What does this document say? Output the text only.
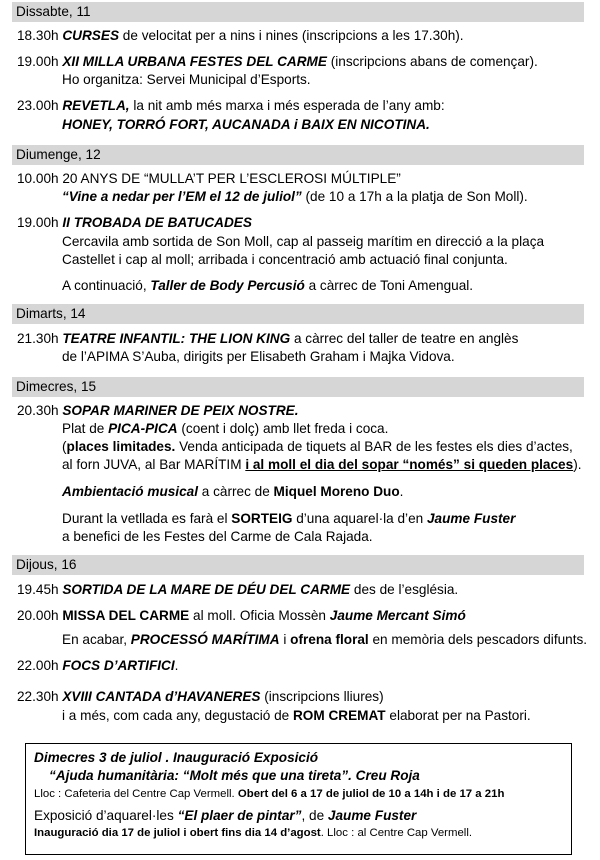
Dissabte, 11
18.30h CURSES de velocitat per a nins i nines (inscripcions a les 17.30h).
19.00h XII MILLA URBANA FESTES DEL CARME (inscripcions abans de començar).
Ho organitza: Servei Municipal d’Esports.
23.00h REVETLA, la nit amb més marxa i més esperada de l’any amb:
HONEY, TORRÓ FORT, AUCANADA i BAIX EN NICOTINA.
Diumenge, 12
10.00h 20 ANYS DE “MULLA’T PER L’ESCLEROSI MÚLTIPLE”
“Vine a nedar per l’EM el 12 de juliol” (de 10 a 17h a la platja de Son Moll).
19.00h II TROBADA DE BATUCADES
Cercavila amb sortida de Son Moll, cap al passeig marítim en direcció a la plaça
Castellet i cap al moll; arribada i concentració amb actuació final conjunta.
A continuació, Taller de Body Percusió a càrrec de Toni Amengual.
Dimarts, 14
21.30h TEATRE INFANTIL: THE LION KING a càrrec del taller de teatre en anglès
de l’APIMA S’Auba, dirigits per Elisabeth Graham i Majka Vidova.
Dimecres, 15
20.30h SOPAR MARINER DE PEIX NOSTRE.
Plat de PICA-PICA (coent i dolç) amb llet freda i coca.
(places limitades. Venda anticipada de tiquets al BAR de les festes els dies d’actes,
al forn JUVA, al Bar MARÍTIM i al moll el dia del sopar “només” si queden places).
Ambientació musical a càrrec de Miquel Moreno Duo.
Durant la vetllada es farà el SORTEIG d’una aquarel·la d’en Jaume Fuster
a benefici de les Festes del Carme de Cala Rajada.
Dijous, 16
19.45h SORTIDA DE LA MARE DE DÉU DEL CARME des de l’església.
20.00h MISSA DEL CARME al moll. Oficia Mossèn Jaume Mercant Simó
En acabar, PROCESSÓ MARÍTIMA i ofrena floral en memòria dels pescadors difunts.
22.00h FOCS D’ARTIFICI.
22.30h XVIII CANTADA d’HAVANERES (inscripcions lliures)
i a més, com cada any, degustació de ROM CREMAT elaborat per na Pastori.
Dimecres 3 de juliol . Inauguració Exposició
“Ajuda humanitària: “Molt més que una tireta”. Creu Roja
Lloc : Cafeteria del Centre Cap Vermell. Obert del 6 a 17 de juliol de 10 a 14h i de 17 a 21h
Exposició d’aquarel·les “El plaer de pintar”, de Jaume Fuster
Inauguració dia 17 de juliol i obert fins dia 14 d’agost. Lloc : al Centre Cap Vermell.
